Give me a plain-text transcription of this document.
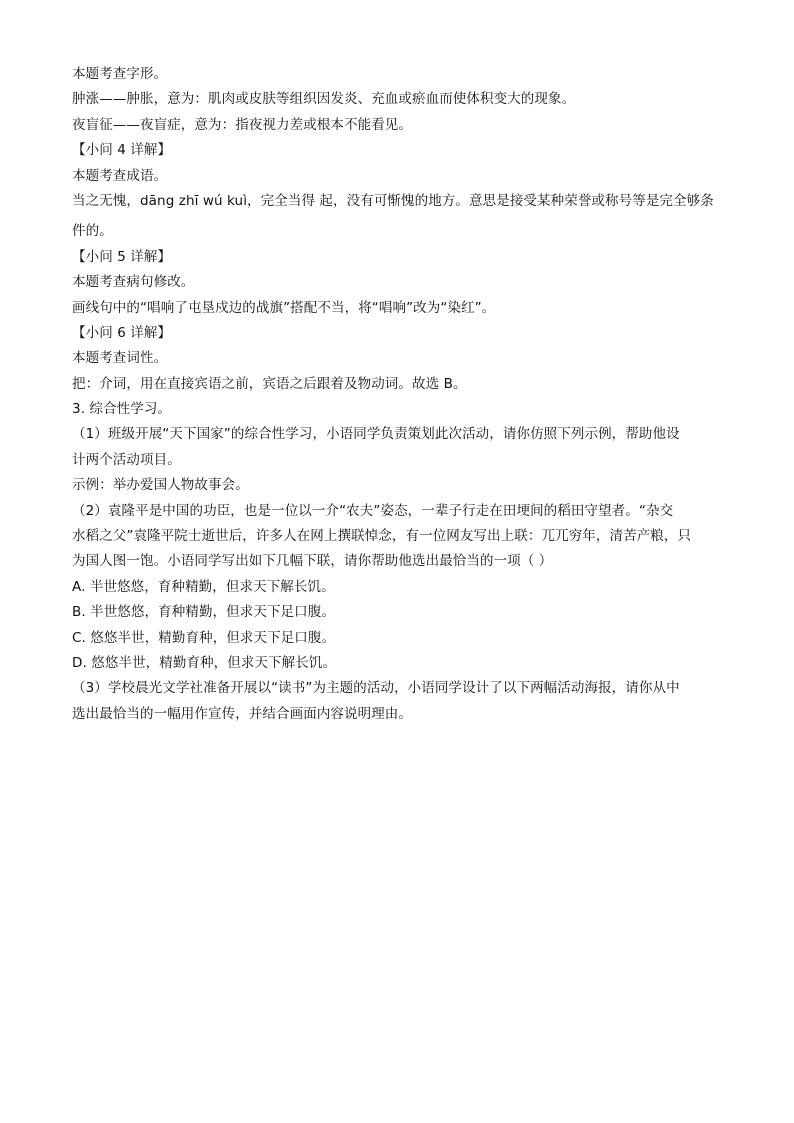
本题考查字形。
肿涨——肿胀，意为：肌肉或皮肤等组织因发炎、充血或瘀血而使体积变大的现象。
夜盲征——夜盲症，意为：指夜视力差或根本不能看见。
【小问 4 详解】
本题考查成语。
当之无愧，dāng zhī wú kuì，完全当得 起，没有可惭愧的地方。意思是接受某种荣誉或称号等是完全够条
件的。
【小问 5 详解】
本题考查病句修改。
画线句中的“唱响了屯垦戍边的战旗”搭配不当，将“唱响”改为“染红”。
【小问 6 详解】
本题考查词性。
把：介词，用在直接宾语之前，宾语之后跟着及物动词。故选 B。
3. 综合性学习。
（1）班级开展“天下国家”的综合性学习，小语同学负责策划此次活动，请你仿照下列示例，帮助他设
计两个活动项目。
示例：举办爱国人物故事会。
（2）袁隆平是中国的功臣，也是一位以一介“农夫”姿态，一辈子行走在田埂间的稻田守望者。“杂交
水稻之父”袁隆平院士逝世后，许多人在网上撰联悼念，有一位网友写出上联：兀兀穷年，清苦产粮，只
为国人图一饱。小语同学写出如下几幅下联，请你帮助他选出最恰当的一项（ ）
A. 半世悠悠，育种精勤，但求天下解长饥。
B. 半世悠悠，育种精勤，但求天下足口腹。
C. 悠悠半世，精勤育种，但求天下足口腹。
D. 悠悠半世，精勤育种，但求天下解长饥。
（3）学校晨光文学社准备开展以“读书”为主题的活动，小语同学设计了以下两幅活动海报，请你从中
选出最恰当的一幅用作宣传，并结合画面内容说明理由。
